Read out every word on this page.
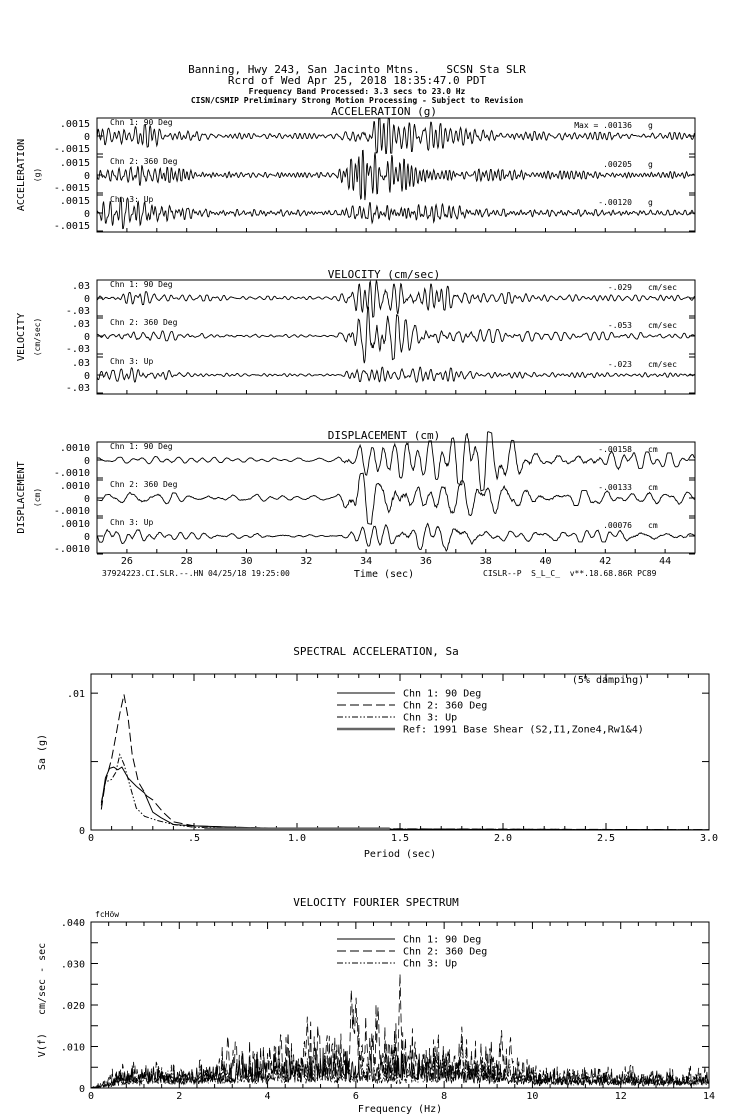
Banning, Hwy 243, San Jacinto Mtns.    SCSN Sta SLR
Rcrd of Wed Apr 25, 2018 18:35:47.0 PDT
Frequency Band Processed: 3.3 secs to 23.0 Hz
CISN/CSMIP Preliminary Strong Motion Processing - Subject to Revision
ACCELERATION (g)
ACCELERATION (g)
.0015
0
-.0015
Chn 1: 90 Deg	Max = .00136 g
.0015
0
-.0015
Chn 2: 360 Deg	.00205 g
.0015
0
-.0015
Chn 3: Up	-.00120 g
VELOCITY (cm/sec)
VELOCITY (cm/sec)
.03
0
-.03
Chn 1: 90 Deg	-.029 cm/sec
.03
0
-.03
Chn 2: 360 Deg	-.053 cm/sec
.03
0
-.03
Chn 3: Up	-.023 cm/sec
DISPLACEMENT (cm)
DISPLACEMENT (cm)
.0010
0
-.0010
Chn 1: 90 Deg	-.00158 cm
.0010
0
-.0010
Chn 2: 360 Deg	-.00133 cm
.0010
0
-.0010
Chn 3: Up	.00076 cm
26	28	30	32	34	36	38	40	42	44
Time (sec)
37924223.CI.SLR.--.HN 04/25/18 19:25:00	CISLR--P  S_L_C_  v**.18.68.86R PC89
SPECTRAL ACCELERATION, Sa
(5% damping)
Period (sec)
Sa (g)
0	.5	1.0	1.5	2.0	2.5	3.0
0
.01	Chn 1: 90 Deg
Chn 2: 360 Deg
Chn 3: Up
Ref: 1991 Base Shear (S2,I1,Zone4,Rw1&4)
VELOCITY FOURIER SPECTRUM
fcHöw
Frequency (Hz)
V(f)   cm/sec - sec
0	2	4	6	8	10	12	14
0
.010
.020
.030
.040
Chn 1: 90 Deg
Chn 2: 360 Deg
Chn 3: Up
